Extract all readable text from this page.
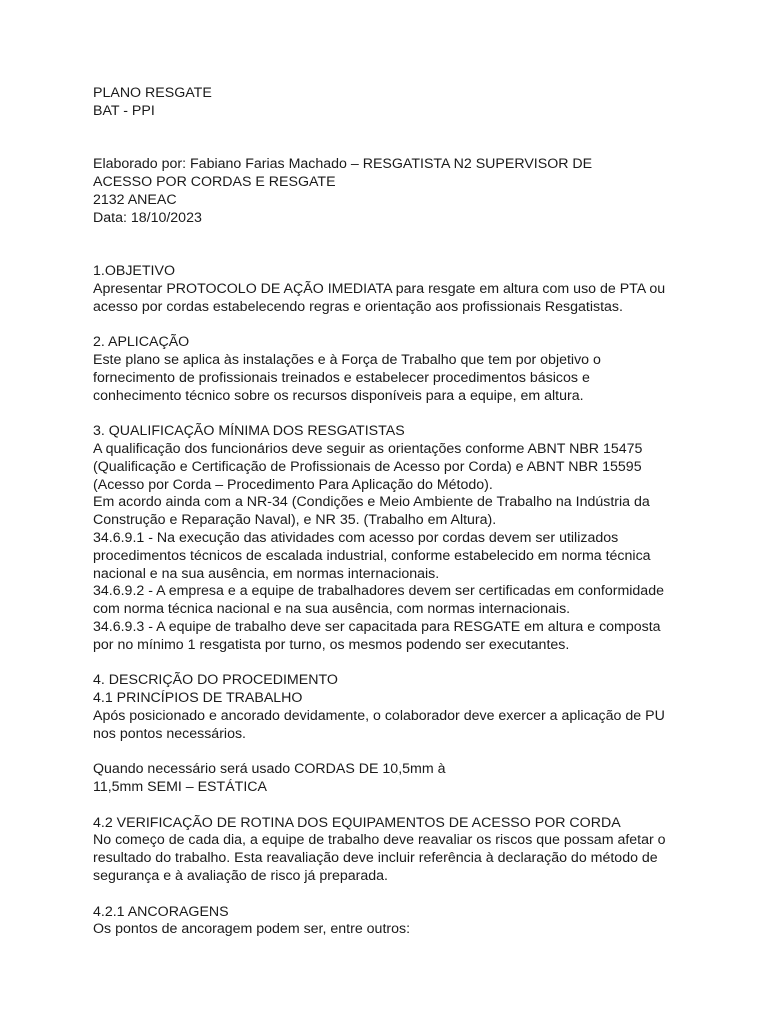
PLANO RESGATE
BAT - PPI
Elaborado por: Fabiano Farias Machado – RESGATISTA N2 SUPERVISOR DE
ACESSO POR CORDAS E RESGATE
2132 ANEAC
Data: 18/10/2023
1.OBJETIVO
Apresentar PROTOCOLO DE AÇÃO IMEDIATA para resgate em altura com uso de PTA ou
acesso por cordas estabelecendo regras e orientação aos profissionais Resgatistas.
2. APLICAÇÃO
Este plano se aplica às instalações e à Força de Trabalho que tem por objetivo o
fornecimento de profissionais treinados e estabelecer procedimentos básicos e
conhecimento técnico sobre os recursos disponíveis para a equipe, em altura.
3. QUALIFICAÇÃO MÍNIMA DOS RESGATISTAS
A qualificação dos funcionários deve seguir as orientações conforme ABNT NBR 15475
(Qualificação e Certificação de Profissionais de Acesso por Corda) e ABNT NBR 15595
(Acesso por Corda – Procedimento Para Aplicação do Método).
Em acordo ainda com a NR-34 (Condições e Meio Ambiente de Trabalho na Indústria da
Construção e Reparação Naval), e NR 35. (Trabalho em Altura).
34.6.9.1 - Na execução das atividades com acesso por cordas devem ser utilizados
procedimentos técnicos de escalada industrial, conforme estabelecido em norma técnica
nacional e na sua ausência, em normas internacionais.
34.6.9.2 - A empresa e a equipe de trabalhadores devem ser certificadas em conformidade
com norma técnica nacional e na sua ausência, com normas internacionais.
34.6.9.3 - A equipe de trabalho deve ser capacitada para RESGATE em altura e composta
por no mínimo 1 resgatista por turno, os mesmos podendo ser executantes.
4. DESCRIÇÃO DO PROCEDIMENTO
4.1 PRINCÍPIOS DE TRABALHO
Após posicionado e ancorado devidamente, o colaborador deve exercer a aplicação de PU
nos pontos necessários.
Quando necessário será usado CORDAS DE 10,5mm à
11,5mm SEMI – ESTÁTICA
4.2 VERIFICAÇÃO DE ROTINA DOS EQUIPAMENTOS DE ACESSO POR CORDA
No começo de cada dia, a equipe de trabalho deve reavaliar os riscos que possam afetar o
resultado do trabalho. Esta reavaliação deve incluir referência à declaração do método de
segurança e à avaliação de risco já preparada.
4.2.1 ANCORAGENS
Os pontos de ancoragem podem ser, entre outros:
